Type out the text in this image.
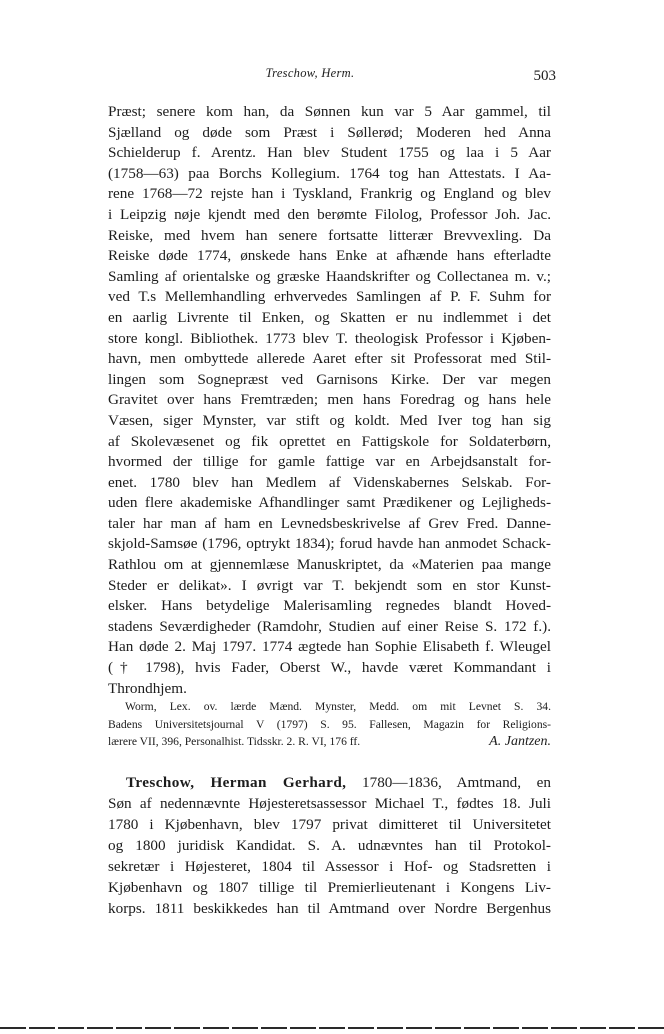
Treschow, Herm.	503
Præst; senere kom han, da Sønnen kun var 5 Aar gammel, til
Sjælland og døde som Præst i Søllerød; Moderen hed Anna
Schielderup f. Arentz. Han blev Student 1755 og laa i 5 Aar
(1758—63) paa Borchs Kollegium. 1764 tog han Attestats. I Aa-
rene 1768—72 rejste han i Tyskland, Frankrig og England og blev
i Leipzig nøje kjendt med den berømte Filolog, Professor Joh. Jac.
Reiske, med hvem han senere fortsatte litterær Brevvexling. Da
Reiske døde 1774, ønskede hans Enke at afhænde hans efterladte
Samling af orientalske og græske Haandskrifter og Collectanea m. v.;
ved T.s Mellemhandling erhvervedes Samlingen af P. F. Suhm for
en aarlig Livrente til Enken, og Skatten er nu indlemmet i det
store kongl. Bibliothek. 1773 blev T. theologisk Professor i Kjøben-
havn, men ombyttede allerede Aaret efter sit Professorat med Stil-
lingen som Sognepræst ved Garnisons Kirke. Der var megen
Gravitet over hans Fremtræden; men hans Foredrag og hans hele
Væsen, siger Mynster, var stift og koldt. Med Iver tog han sig
af Skolevæsenet og fik oprettet en Fattigskole for Soldaterbørn,
hvormed der tillige for gamle fattige var en Arbejdsanstalt for-
enet. 1780 blev han Medlem af Videnskabernes Selskab. For-
uden flere akademiske Afhandlinger samt Prædikener og Lejligheds-
taler har man af ham en Levnedsbeskrivelse af Grev Fred. Danne-
skjold-Samsøe (1796, optrykt 1834); forud havde han anmodet Schack-
Rathlou om at gjennemlæse Manuskriptet, da «Materien paa mange
Steder er delikat». I øvrigt var T. bekjendt som en stor Kunst-
elsker. Hans betydelige Malerisamling regnedes blandt Hoved-
stadens Seværdigheder (Ramdohr, Studien auf einer Reise S. 172 f.).
Han døde 2. Maj 1797. 1774 ægtede han Sophie Elisabeth f. Wleugel
(† 1798), hvis Fader, Oberst W., havde været Kommandant i
Throndhjem.
Worm, Lex. ov. lærde Mænd. Mynster, Medd. om mit Levnet S. 34.
Badens Universitetsjournal V (1797) S. 95. Fallesen, Magazin for Religions-
A. Jantzen.
lærere VII, 396, Personalhist. Tidsskr. 2. R. VI, 176 ff.
Treschow, Herman Gerhard, 1780—1836, Amtmand, en
Søn af nedennævnte Højesteretsassessor Michael T., fødtes 18. Juli
1780 i Kjøbenhavn, blev 1797 privat dimitteret til Universitetet
og 1800 juridisk Kandidat. S. A. udnævntes han til Protokol-
sekretær i Højesteret, 1804 til Assessor i Hof- og Stadsretten i
Kjøbenhavn og 1807 tillige til Premierlieutenant i Kongens Liv-
korps. 1811 beskikkedes han til Amtmand over Nordre Bergenhus
